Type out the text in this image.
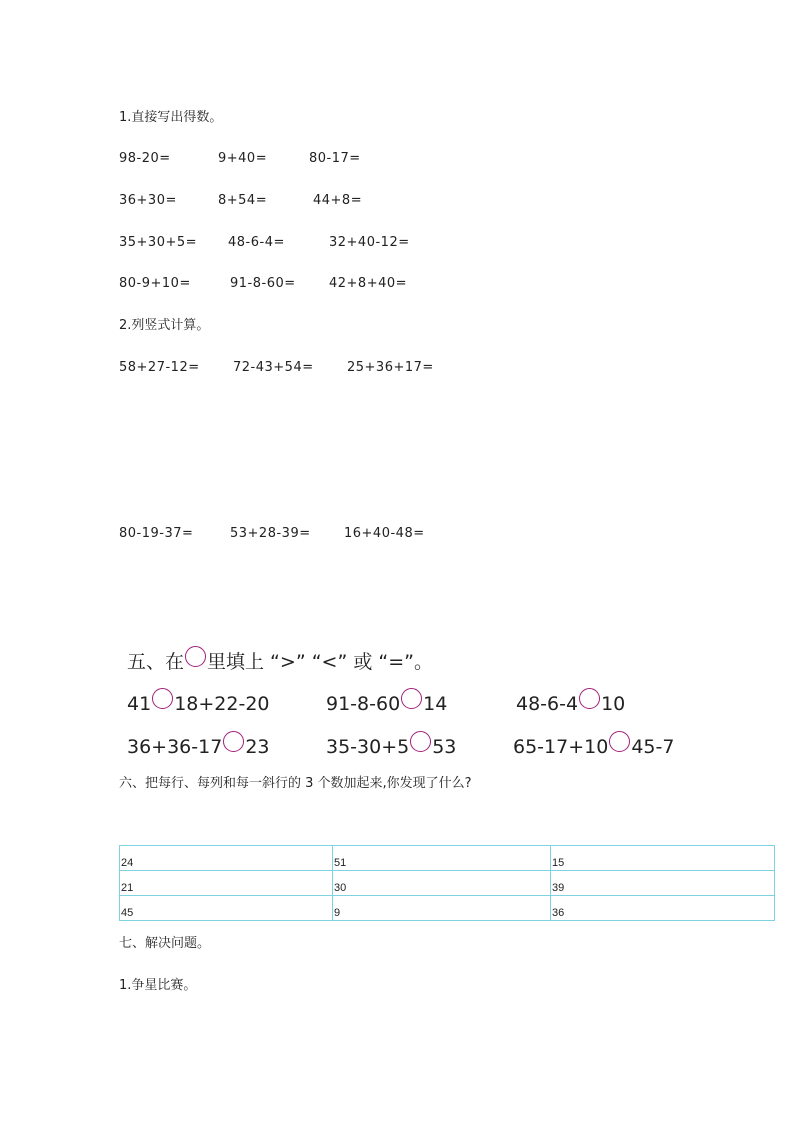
1.直接写出得数。
98-20=	9+40=	80-17=
36+30=	8+54=	44+8=
35+30+5= 48-6-4=	32+40-12=
80-9+10=	91-8-60=	42+8+40=
2.列竖式计算。
58+27-12=	72-43+54=	25+36+17=
80-19-37=	53+28-39=	16+40-48=
五、在 里填上 “>” “<” 或 “=”。
41 18+22-20	91-8-60 14	48-6-4 10
36+36-17 23	35-30+5 53	65-17+10 45-7
六、把每行、每列和每一斜行的 3 个数加起来,你发现了什么?
24	51	15
21	30	39
45	9	36
七、解决问题。
1.争星比赛。
